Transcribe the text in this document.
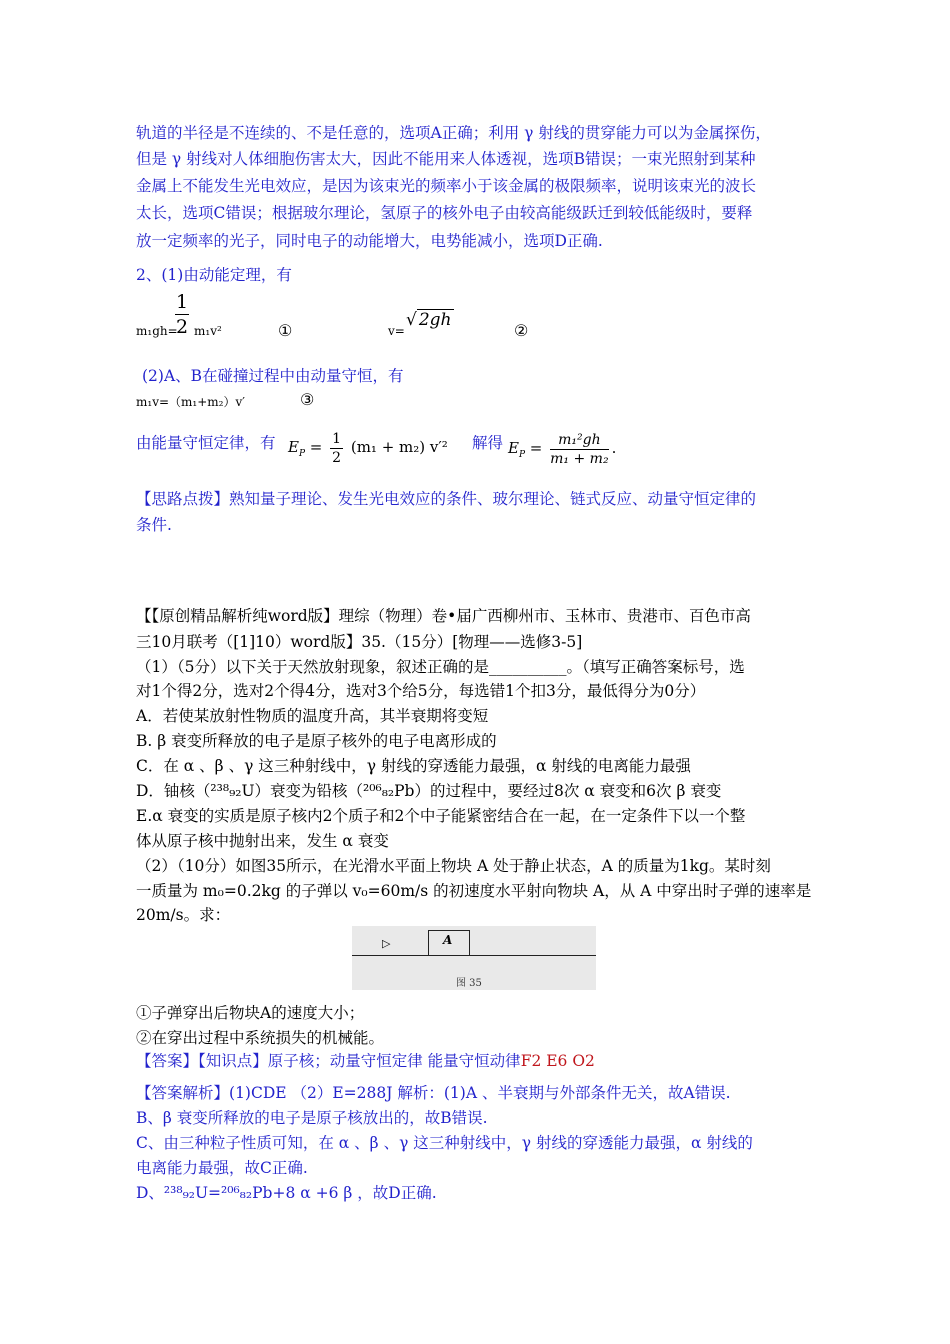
轨道的半径是不连续的、不是任意的，选项A正确；利用 γ 射线的贯穿能力可以为金属探伤，
但是 γ 射线对人体细胞伤害太大，因此不能用来人体透视，选项B错误；一束光照射到某种
金属上不能发生光电效应，是因为该束光的频率小于该金属的极限频率，说明该束光的波长
太长，选项C错误；根据玻尔理论，氢原子的核外电子由较高能级跃迁到较低能级时，要释
放一定频率的光子，同时电子的动能增大，电势能减小，选项D正确.
2、(1)由动能定理，有
m₁gh=
1
2 m₁v²	①	v=
√ 2gh
②
(2)A、B在碰撞过程中由动量守恒，有
m₁v=（m₁+m₂）v′	③
由能量守恒定律，有 $E_P = \frac{1}{2} (m_1 + m_2)$ v′² 解得 $E_P = \frac{\text{m₁²gh}}{\text{m₁ + m₂}}$ .
【思路点拨】熟知量子理论、发生光电效应的条件、玻尔理论、链式反应、动量守恒定律的
条件.
【【原创精品解析纯word版】理综（物理）卷•届广西柳州市、玉林市、贵港市、百色市高
三10月联考（[1]10）word版】35.（15分）[物理——选修3-5]
（1）（5分）以下关于天然放射现象，叙述正确的是__________。（填写正确答案标号，选
对1个得2分，选对2个得4分，选对3个给5分，每选错1个扣3分，最低得分为0分）
A．若使某放射性物质的温度升高，其半衰期将变短
B. β 衰变所释放的电子是原子核外的电子电离形成的
C．在 α 、β 、γ 这三种射线中，γ 射线的穿透能力最强，α 射线的电离能力最强
D．铀核（²³⁸₉₂U）衰变为铅核（²⁰⁶₈₂Pb）的过程中，要经过8次 α 衰变和6次 β 衰变
E.α 衰变的实质是原子核内2个质子和2个中子能紧密结合在一起，在一定条件下以一个整
体从原子核中抛射出来，发生 α 衰变
（2）（10分）如图35所示，在光滑水平面上物块 A 处于静止状态，A 的质量为1kg。某时刻
一质量为 m₀=0.2kg 的子弹以 v₀=60m/s 的初速度水平射向物块 A，从 A 中穿出时子弹的速率是
20m/s。求：
▷	A
图 35
①子弹穿出后物块A的速度大小；
②在穿出过程中系统损失的机械能。
【答案】【知识点】原子核；动量守恒定律 能量守恒动律F2 E6 O2
【答案解析】(1)CDE （2）E=288J 解析：(1)A 、半衰期与外部条件无关，故A错误.
B、β 衰变所释放的电子是原子核放出的，故B错误.
C、由三种粒子性质可知，在 α 、β 、γ 这三种射线中，γ 射线的穿透能力最强，α 射线的
电离能力最强，故C正确.
D、²³⁸₉₂U=²⁰⁶₈₂Pb+8 α +6 β ，故D正确.
